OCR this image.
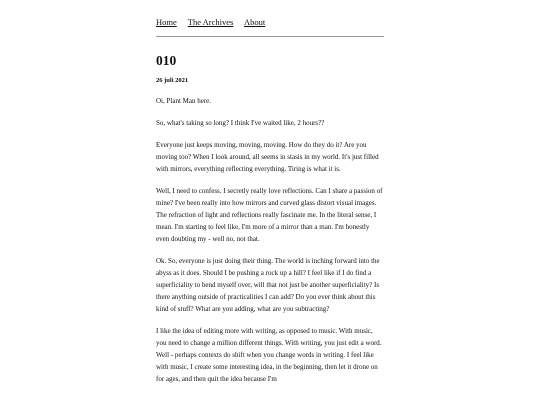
Home The Archives About
010
26 juli 2021

Oi, Plant Man here.

So, what's taking so long? I think I've waited like, 2 hours??

Everyone just keeps moving, moving, moving. How do they do it? Are you moving too? When I look around, all seems in stasis in my world. It's just filled with mirrors, everything reflecting everything. Tiring is what it is.

Well, I need to confess. I secretly really love reflections. Can I share a passion of mine? I've been really into how mirrors and curved glass distort visual images. The refraction of light and reflections really fascinate me. In the literal sense, I mean. I'm starting to feel like, I'm more of a mirror than a man. I'm honestly even doubting my - well no, not that.

Ok. So, everyone is just doing their thing. The world is inching forward into the abyss as it does. Should I be pushing a rock up a hill? I feel like if I do find a superficiality to bend myself over, will that not just be another superficiality? Is there anything outside of practicalities I can add? Do you ever think about this kind of stuff? What are you adding, what are you subtracting?

I like the idea of editing more with writing, as opposed to music. With music, you need to change a million different things. With writing, you just edit a word. Well - perhaps contexts do shift when you change words in writing. I feel like with music, I create some interesting idea, in the beginning, then let it drone on for ages, and then quit the idea because I'm
